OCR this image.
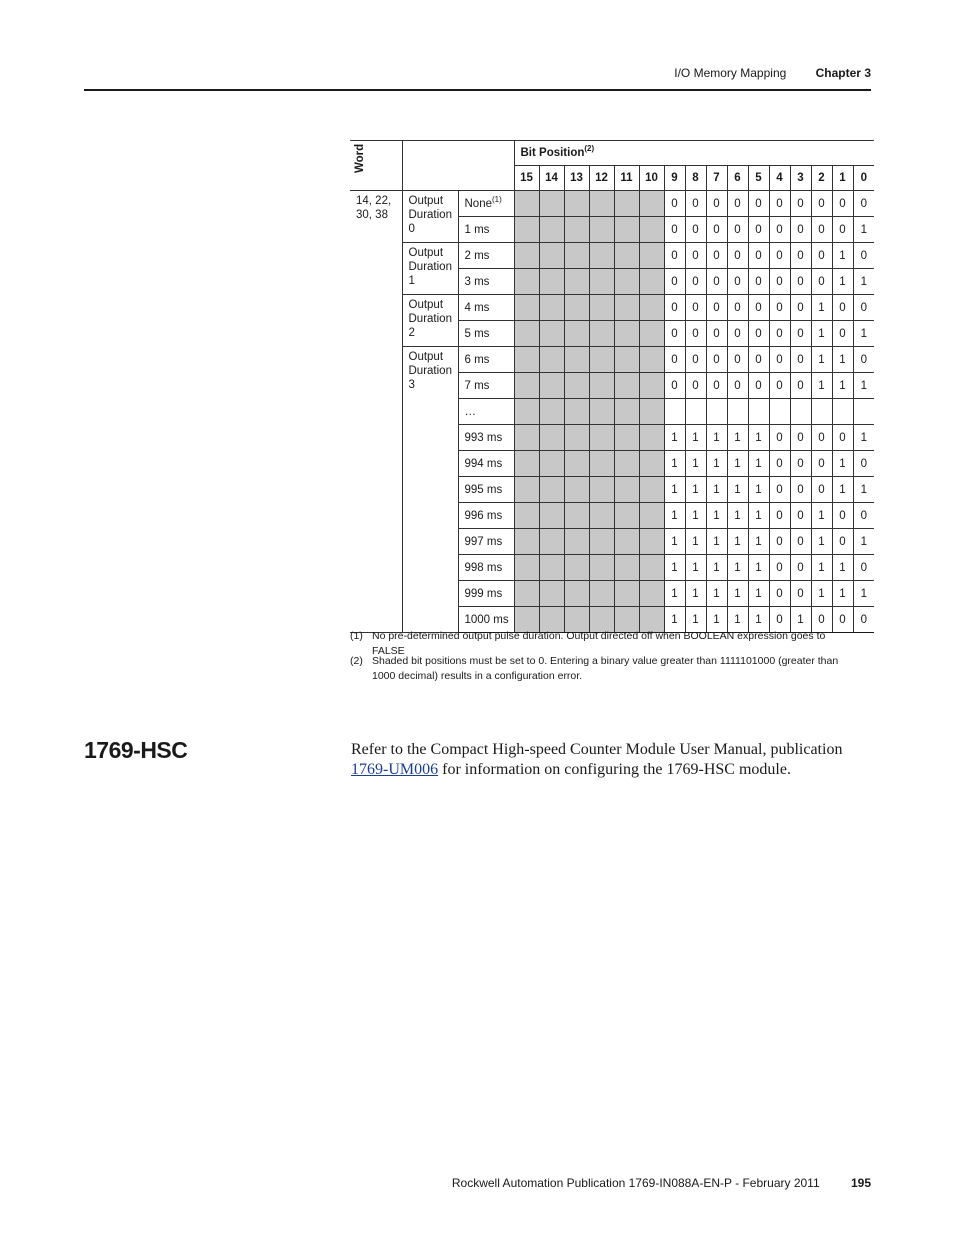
I/O Memory Mapping Chapter 3
Word			Bit Position$^{(2)}$
			15	14	13	12	11	10	9	8	7	6	5	4	3	2	1	0
14, 22, 30, 38	Output Duration 0	None$^{(1)}$							0	0	0	0	0	0	0	0	0	0
		1 ms							0	0	0	0	0	0	0	0	0	1
	Output Duration 1	2 ms							0	0	0	0	0	0	0	0	1	0
		3 ms							0	0	0	0	0	0	0	0	1	1
	Output Duration 2	4 ms							0	0	0	0	0	0	0	1	0	0
		5 ms							0	0	0	0	0	0	0	1	0	1
	Output Duration 3	6 ms							0	0	0	0	0	0	0	1	1	0
		7 ms							0	0	0	0	0	0	0	1	1	1
		…																
		993 ms							1	1	1	1	1	0	0	0	0	1
		994 ms							1	1	1	1	1	0	0	0	1	0
		995 ms							1	1	1	1	1	0	0	0	1	1
		996 ms							1	1	1	1	1	0	0	1	0	0
		997 ms							1	1	1	1	1	0	0	1	0	1
		998 ms							1	1	1	1	1	0	0	1	1	0
		999 ms							1	1	1	1	1	0	0	1	1	1
		1000 ms							1	1	1	1	1	0	1	0	0	0
(1) No pre-determined output pulse duration. Output directed off when BOOLEAN expression goes to FALSE
(2) Shaded bit positions must be set to 0. Entering a binary value greater than 1111101000 (greater than 1000 decimal) results in a configuration error.
1769-HSC	Refer to the Compact High-speed Counter Module User Manual, publication 1769-UM006 for information on configuring the 1769-HSC module.
Rockwell Automation Publication 1769-IN088A-EN-P - February 2011	195
